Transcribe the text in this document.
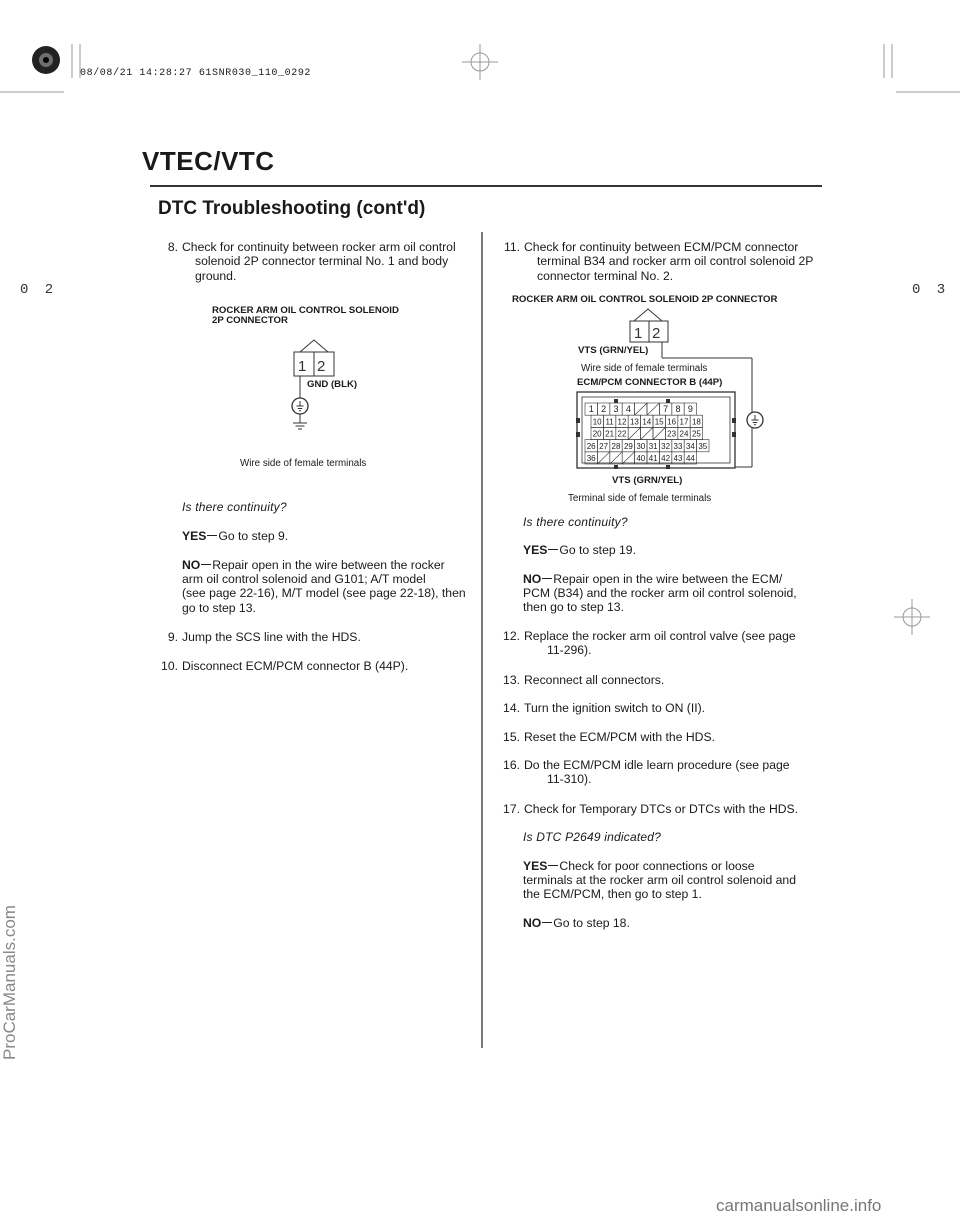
08/08/21 14:28:27 61SNR030_110_0292
0 2	0 3
VTEC/VTC
DTC Troubleshooting (cont'd)
8. Check for continuity between rocker arm oil control
solenoid 2P connector terminal No. 1 and body
ground.
ROCKER ARM OIL CONTROL SOLENOID
2P CONNECTOR
1 2
GND (BLK)
Wire side of female terminals
Is there continuity?
YES Go to step 9.
NO Repair open in the wire between the rocker
arm oil control solenoid and G101; A/T model
(see page 22-16), M/T model (see page 22-18), then
go to step 13.
9. Jump the SCS line with the HDS.
10. Disconnect ECM/PCM connector B (44P).
11. Check for continuity between ECM/PCM connector
terminal B34 and rocker arm oil control solenoid 2P
connector terminal No. 2.
ROCKER ARM OIL CONTROL SOLENOID 2P CONNECTOR
1 2
1 2 3 4	7 8 9
10 11 12 13 14 15 16 17 18
20 21 22	23 24 25
26 27 28 29 30 31 32 33 34 35
36	40 41 42 43 44
VTS (GRN/YEL)
Wire side of female terminals
ECM/PCM CONNECTOR B (44P)
VTS (GRN/YEL)
Terminal side of female terminals
Is there continuity?
YES Go to step 19.
NO Repair open in the wire between the ECM/
PCM (B34) and the rocker arm oil control solenoid,
then go to step 13.
12. Replace the rocker arm oil control valve (see page
11-296).
13. Reconnect all connectors.
14. Turn the ignition switch to ON (II).
15. Reset the ECM/PCM with the HDS.
16. Do the ECM/PCM idle learn procedure (see page
11-310).
17. Check for Temporary DTCs or DTCs with the HDS.
Is DTC P2649 indicated?
YES Check for poor connections or loose
terminals at the rocker arm oil control solenoid and
the ECM/PCM, then go to step 1.
NO Go to step 18.
ProCarManuals.com
carmanualsonline.info
